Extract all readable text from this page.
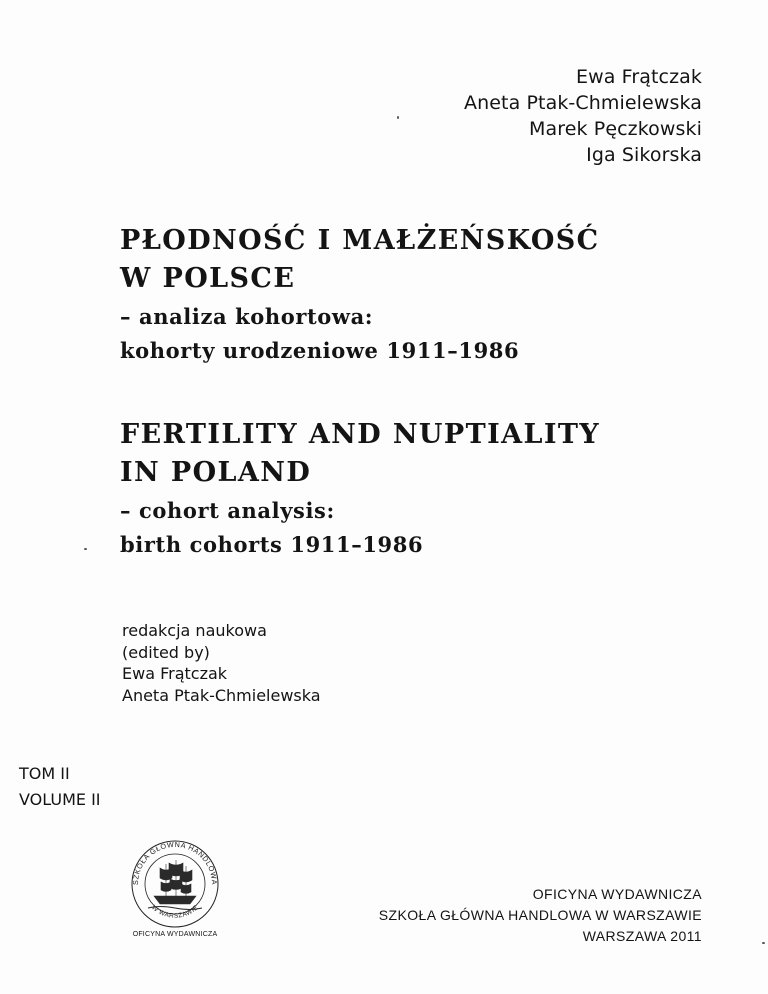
Ewa Frątczak
Aneta Ptak-Chmielewska
Marek Pęczkowski
Iga Sikorska
PŁODNOŚĆ I MAŁŻEŃSKOŚĆ
W POLSCE
– analiza kohortowa:
kohorty urodzeniowe 1911–1986
FERTILITY AND NUPTIALITY
IN POLAND
– cohort analysis:
birth cohorts 1911–1986
redakcja naukowa
(edited by)
Ewa Frątczak
Aneta Ptak-Chmielewska
TOM II
VOLUME II
SZKOŁA GŁÓWNA HANDLOWA
W WARSZAWIE
OFICYNA WYDAWNICZA
OFICYNA WYDAWNICZA
SZKOŁA GŁÓWNA HANDLOWA W WARSZAWIE
WARSZAWA 2011
